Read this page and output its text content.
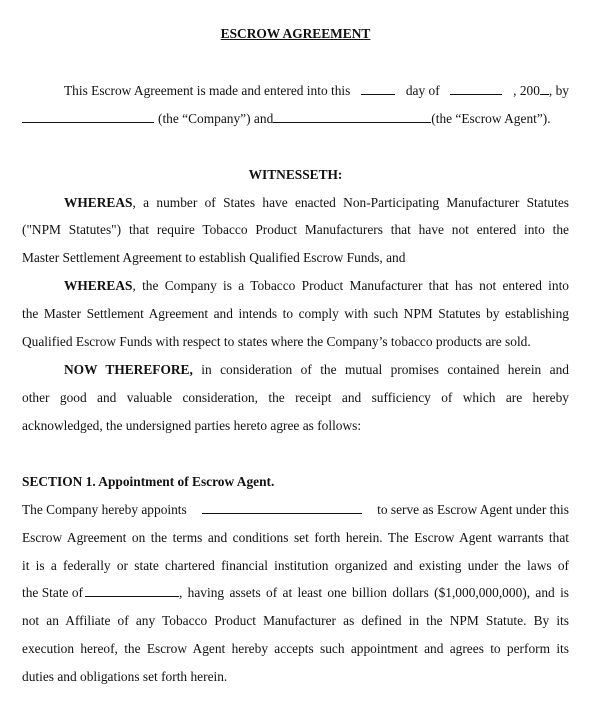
ESCROW AGREEMENT
This Escrow Agreement is made and entered into this	day of	, 200 , by
(the “Company”) and	(the “Escrow Agent”).
WITNESSETH:
WHEREAS, a number of States have enacted Non-Participating Manufacturer Statutes
("NPM Statutes") that require Tobacco Product Manufacturers that have not entered into the
Master Settlement Agreement to establish Qualified Escrow Funds, and
WHEREAS, the Company is a Tobacco Product Manufacturer that has not entered into
the Master Settlement Agreement and intends to comply with such NPM Statutes by establishing
Qualified Escrow Funds with respect to states where the Company’s tobacco products are sold.
NOW THEREFORE, in consideration of the mutual promises contained herein and
other good and valuable consideration, the receipt and sufficiency of which are hereby
acknowledged, the undersigned parties hereto agree as follows:
SECTION 1. Appointment of Escrow Agent.
The Company hereby appoints	to serve as Escrow Agent under this
Escrow Agreement on the terms and conditions set forth herein. The Escrow Agent warrants that
it is a federally or state chartered financial institution organized and existing under the laws of
the State of	, having assets of at least one billion dollars ($1,000,000,000), and is
not an Affiliate of any Tobacco Product Manufacturer as defined in the NPM Statute. By its
execution hereof, the Escrow Agent hereby accepts such appointment and agrees to perform its
duties and obligations set forth herein.
